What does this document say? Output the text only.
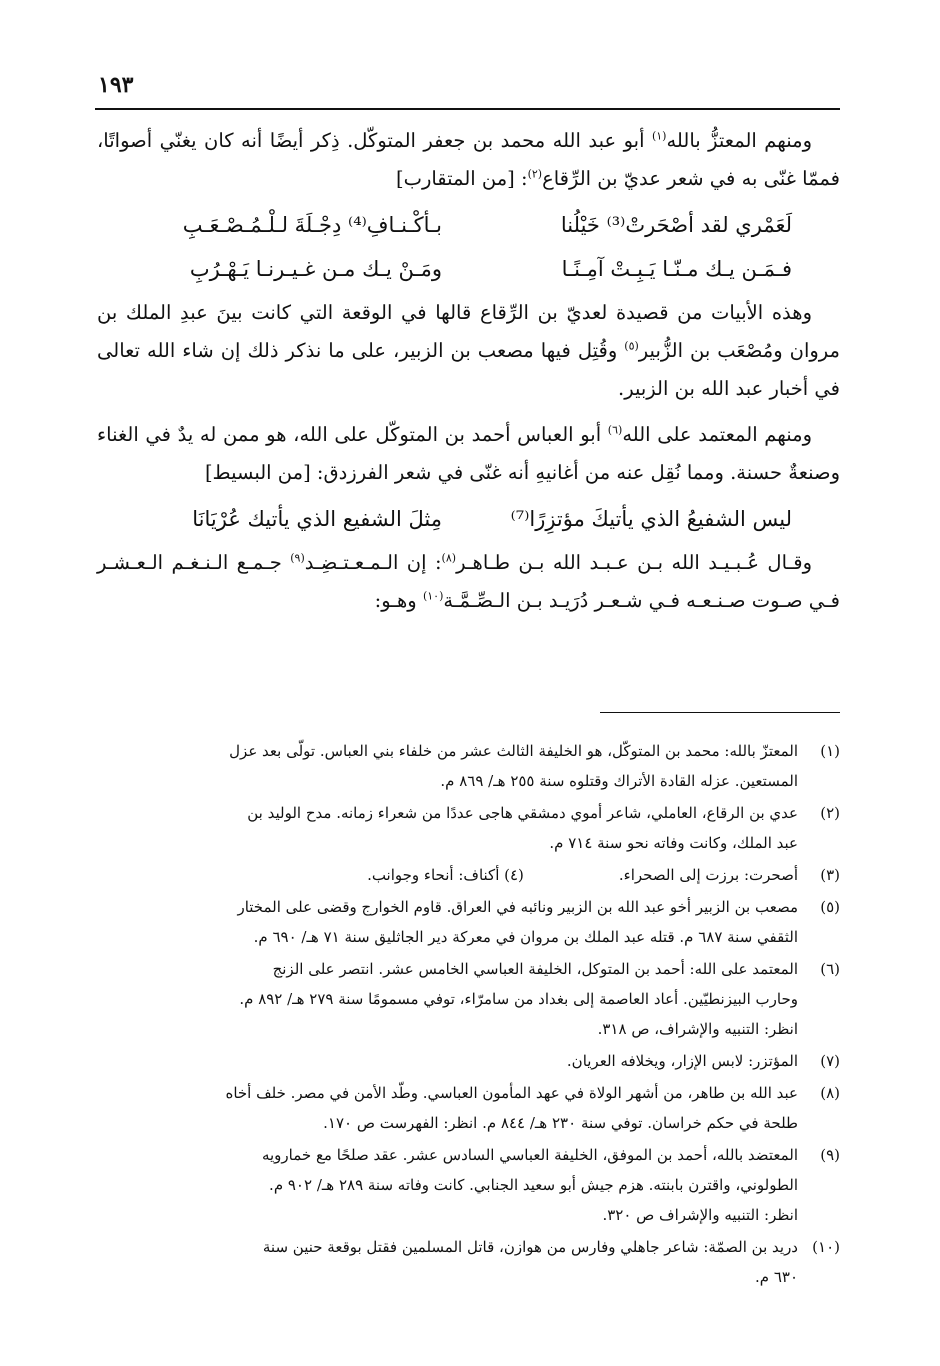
١٩٣

ومنهم المعتزُّ بالله$^{(١)}$ أبو عبد الله محمد بن جعفر المتوكّل. ذِكر أيضًا أنه كان يغنّي أصواتًا، فممّا غنّى به في شعر عديّ بن الرِّقاع$^{(٢)}$: [من المتقارب]

لَعَمْري لقد أصْحَرتْ⁽³⁾ خَيْلُنا
بـأكْـنـافِ⁽⁴⁾ دِجْـلَةَ لـلْـمُـصْـعَـبِ
فـمَـن يـك مـنّـا يَـبِـتْ آمِـنًـا
ومَـنْ يـك مـن غـيـرنـا يَـهْـرُبِ

وهذه الأبيات من قصيدة لعديّ بن الرِّقاع قالها في الوقعة التي كانت بينَ عبدِ الملك بن مروان ومُصْعَب بن الزُّبير$^{(٥)}$ وقُتِل فيها مصعب بن الزبير، على ما نذكر ذلك إن شاء الله تعالى في أخبار عبد الله بن الزبير.

ومنهم المعتمد على الله$^{(٦)}$ أبو العباس أحمد بن المتوكّل على الله، هو ممن له يدٌ في الغناء وصنعةٌ حسنة. ومما نُقِل عنه من أغانيهِ أنه غنّى في شعر الفرزدق: [من البسيط]

ليس الشفيعُ الذي يأتيكَ مؤتزِرًا⁽⁷⁾
مِثلَ الشفيع الذي يأتيك عُرْيَانَا

وقـال عُـبـيـد الله بـن عـبـد الله بـن طـاهـر$^{(٨)}$: إن الـمـعـتـضِـد$^{(٩)}$ جـمـع الـنـغـم الـعـشـر فـي صـوت صـنـعـه فـي شـعـر دُرَيـد بـن الـصِّـمَّـة$^{(١٠)}$ وهـو:

(١)
المعتزّ بالله: محمد بن المتوكّل، هو الخليفة الثالث عشر من خلفاء بني العباس. تولّى بعد عزل
المستعين. عزله القادة الأتراك وقتلوه سنة ٢٥٥ هـ/ ٨٦٩ م.
(٢)
عدي بن الرقاع، العاملي، شاعر أموي دمشقي هاجى عددًا من شعراء زمانه. مدح الوليد بن
عبد الملك، وكانت وفاته نحو سنة ٧١٤ م.
(٣)
أصحرت: برزت إلى الصحراء.
(٤) أكناف: أنحاء وجوانب.
(٥)
مصعب بن الزبير أخو عبد الله بن الزبير ونائبه في العراق. قاوم الخوارج وقضى على المختار
الثقفي سنة ٦٨٧ م. قتله عبد الملك بن مروان في معركة دير الجاثليق سنة ٧١ هـ/ ٦٩٠ م.
(٦)
المعتمد على الله: أحمد بن المتوكل، الخليفة العباسي الخامس عشر. انتصر على الزنج
وحارب البيزنطيّين. أعاد العاصمة إلى بغداد من سامرّاء، توفي مسمومًا سنة ٢٧٩ هـ/ ٨٩٢ م.
انظر: التنبيه والإشراف، ص ٣١٨.
(٧)
المؤتزر: لابس الإزار، ويخلافه العريان.
(٨)
عبد الله بن طاهر، من أشهر الولاة في عهد المأمون العباسي. وطّد الأمن في مصر. خلف أخاه
طلحة في حكم خراسان. توفي سنة ٢٣٠ هـ/ ٨٤٤ م. انظر: الفهرست ص ١٧٠.
(٩)
المعتضد بالله، أحمد بن الموفق، الخليفة العباسي السادس عشر. عقد صلحًا مع خمارويه
الطولوني، واقترن بابنته. هزم جيش أبو سعيد الجنابي. كانت وفاته سنة ٢٨٩ هـ/ ٩٠٢ م.
انظر: التنبيه والإشراف ص ٣٢٠.
(١٠)
دريد بن الصمّة: شاعر جاهلي وفارس من هوازن، قاتل المسلمين فقتل بوقعة حنين سنة
٦٣٠ م.
